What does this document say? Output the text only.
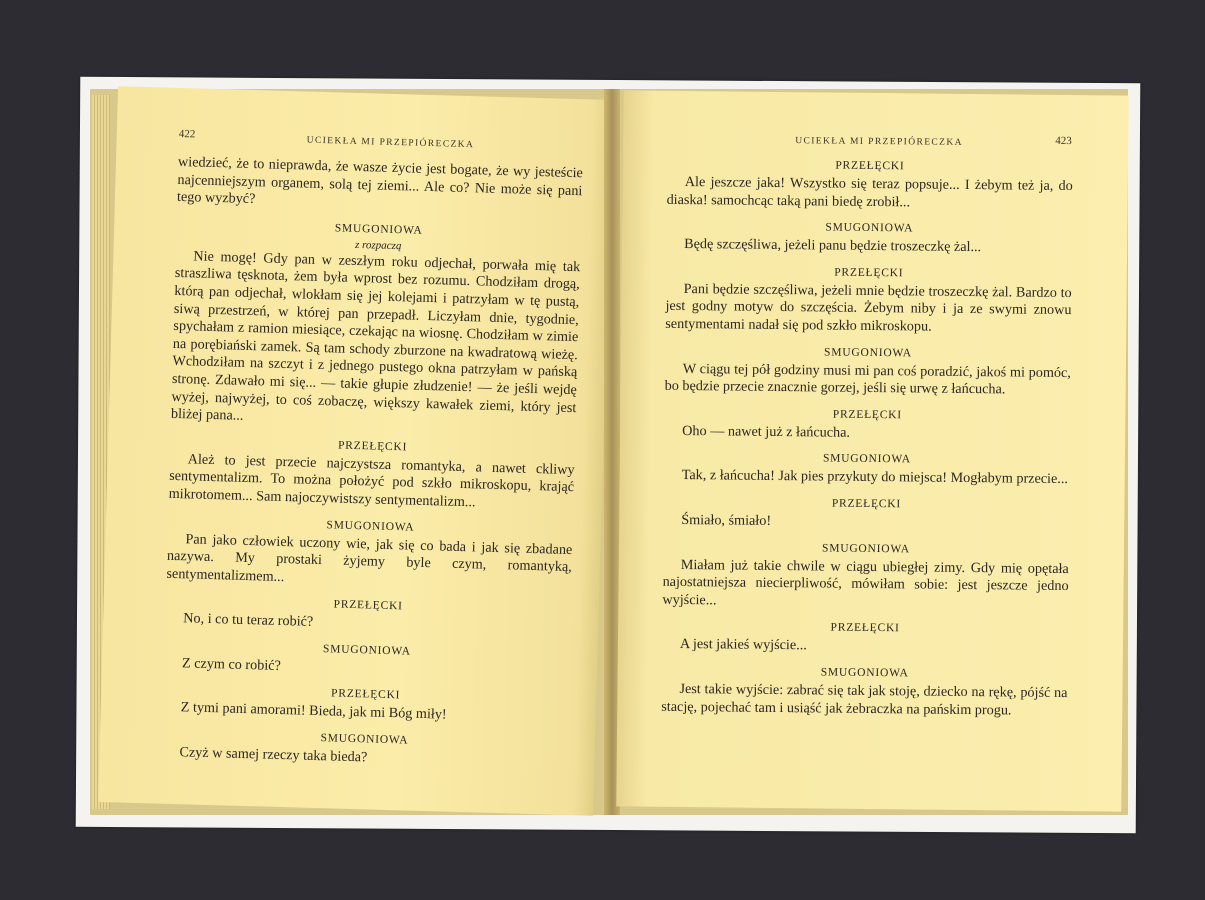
422
UCIEKŁA MI PRZEPIÓRECZKA

wiedzieć, że to nieprawda, że wasze życie jest bogate, że wy jesteście najcenniejszym organem, solą tej ziemi... Ale co? Nie może się pani tego wyzbyć?

SMUGONIOWA
z rozpaczą

Nie mogę! Gdy pan w zeszłym roku odjechał, porwała mię tak straszliwa tęsknota, żem była wprost bez rozumu. Chodziłam drogą, którą pan odjechał, wlokłam się jej kolejami i patrzyłam w tę pustą, siwą przestrzeń, w której pan przepadł. Liczyłam dnie, tygodnie, spychałam z ramion miesiące, czekając na wiosnę. Chodziłam w zimie na porębiański zamek. Są tam schody zburzone na kwadratową wieżę. Wchodziłam na szczyt i z jednego pustego okna patrzyłam w pańską stronę. Zdawało mi się... — takie głupie złudzenie! — że jeśli wejdę wyżej, najwyżej, to coś zobaczę, większy kawałek ziemi, który jest bliżej pana...

PRZEŁĘCKI

Ależ to jest przecie najczystsza romantyka, a nawet ckliwy sentymentalizm. To można położyć pod szkło mikroskopu, krająć mikrotomem... Sam najoczywistszy sentymentalizm...

SMUGONIOWA

Pan jako człowiek uczony wie, jak się co bada i jak się zbadane nazywa. My prostaki żyjemy byle czym, romantyką, sentymentalizmem...

PRZEŁĘCKI

No, i co tu teraz robić?

SMUGONIOWA

Z czym co robić?

PRZEŁĘCKI

Z tymi pani amorami! Bieda, jak mi Bóg miły!

SMUGONIOWA

Czyż w samej rzeczy taka bieda?

UCIEKŁA MI PRZEPIÓRECZKA	423
PRZEŁĘCKI

Ale jeszcze jaka! Wszystko się teraz popsuje... I żebym też ja, do diaska! samochcąc taką pani biedę zrobił...

SMUGONIOWA

Będę szczęśliwa, jeżeli panu będzie troszeczkę żal...

PRZEŁĘCKI

Pani będzie szczęśliwa, jeżeli mnie będzie troszeczkę żal. Bardzo to jest godny motyw do szczęścia. Żebym niby i ja ze swymi znowu sentymentami nadał się pod szkło mikroskopu.

SMUGONIOWA

W ciągu tej pół godziny musi mi pan coś poradzić, jakoś mi pomóc, bo będzie przecie znacznie gorzej, jeśli się urwę z łańcucha.

PRZEŁĘCKI

Oho — nawet już z łańcucha.

SMUGONIOWA

Tak, z łańcucha! Jak pies przykuty do miejsca! Mogłabym przecie...

PRZEŁĘCKI

Śmiało, śmiało!

SMUGONIOWA

Miałam już takie chwile w ciągu ubiegłej zimy. Gdy mię opętała najostatniejsza niecierpliwość, mówiłam sobie: jest jeszcze jedno wyjście...

PRZEŁĘCKI

A jest jakieś wyjście...

SMUGONIOWA

Jest takie wyjście: zabrać się tak jak stoję, dziecko na rękę, pójść na stację, pojechać tam i usiąść jak żebraczka na pańskim progu.
